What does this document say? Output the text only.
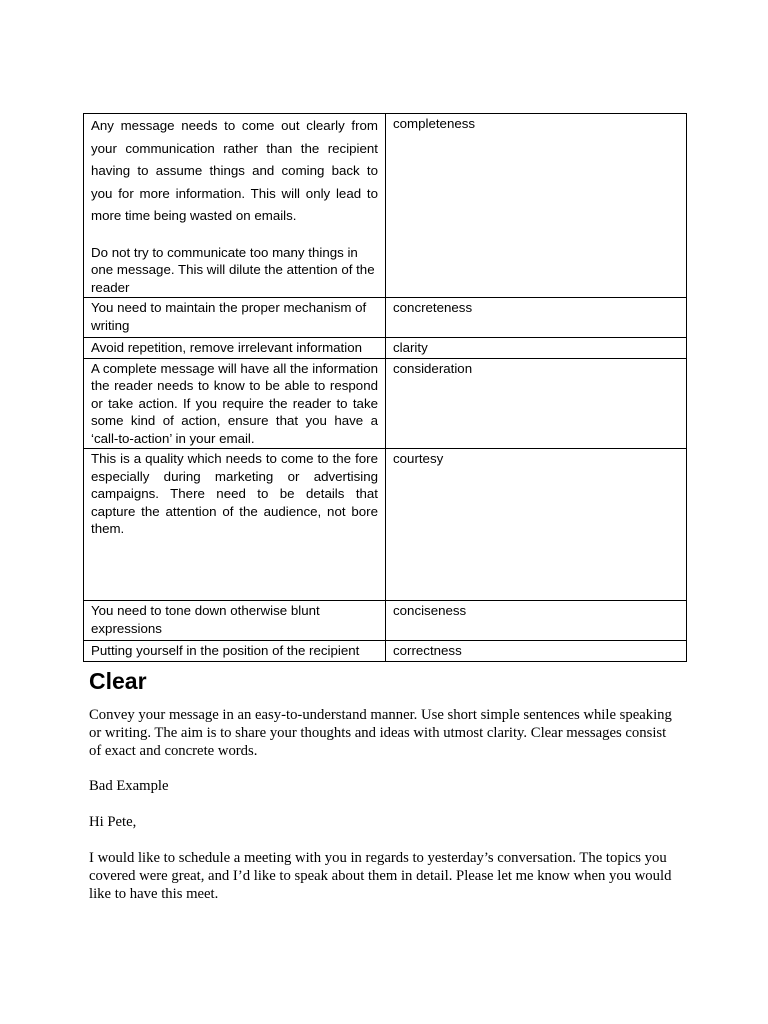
Any message needs to come out clearly from your communication rather than the recipient having to assume things and coming back to you for more information. This will only lead to more time being wasted on emails.
Do not try to communicate too many things in one message. This will dilute the attention of the reader	completeness
You need to maintain the proper mechanism of writing	concreteness
Avoid repetition, remove irrelevant information	clarity
A complete message will have all the information the reader needs to know to be able to respond or take action. If you require the reader to take some kind of action, ensure that you have a ‘call-to-action’ in your email.	consideration
This is a quality which needs to come to the fore especially during marketing or advertising campaigns. There need to be details that capture the attention of the audience, not bore them.	courtesy
You need to tone down otherwise blunt expressions	conciseness
Putting yourself in the position of the recipient	correctness
Clear

Convey your message in an easy-to-understand manner. Use short simple sentences while speaking or writing. The aim is to share your thoughts and ideas with utmost clarity. Clear messages consist of exact and concrete words.

Bad Example

Hi Pete,

I would like to schedule a meeting with you in regards to yesterday’s conversation. The topics you covered were great, and I’d like to speak about them in detail. Please let me know when you would like to have this meet.
